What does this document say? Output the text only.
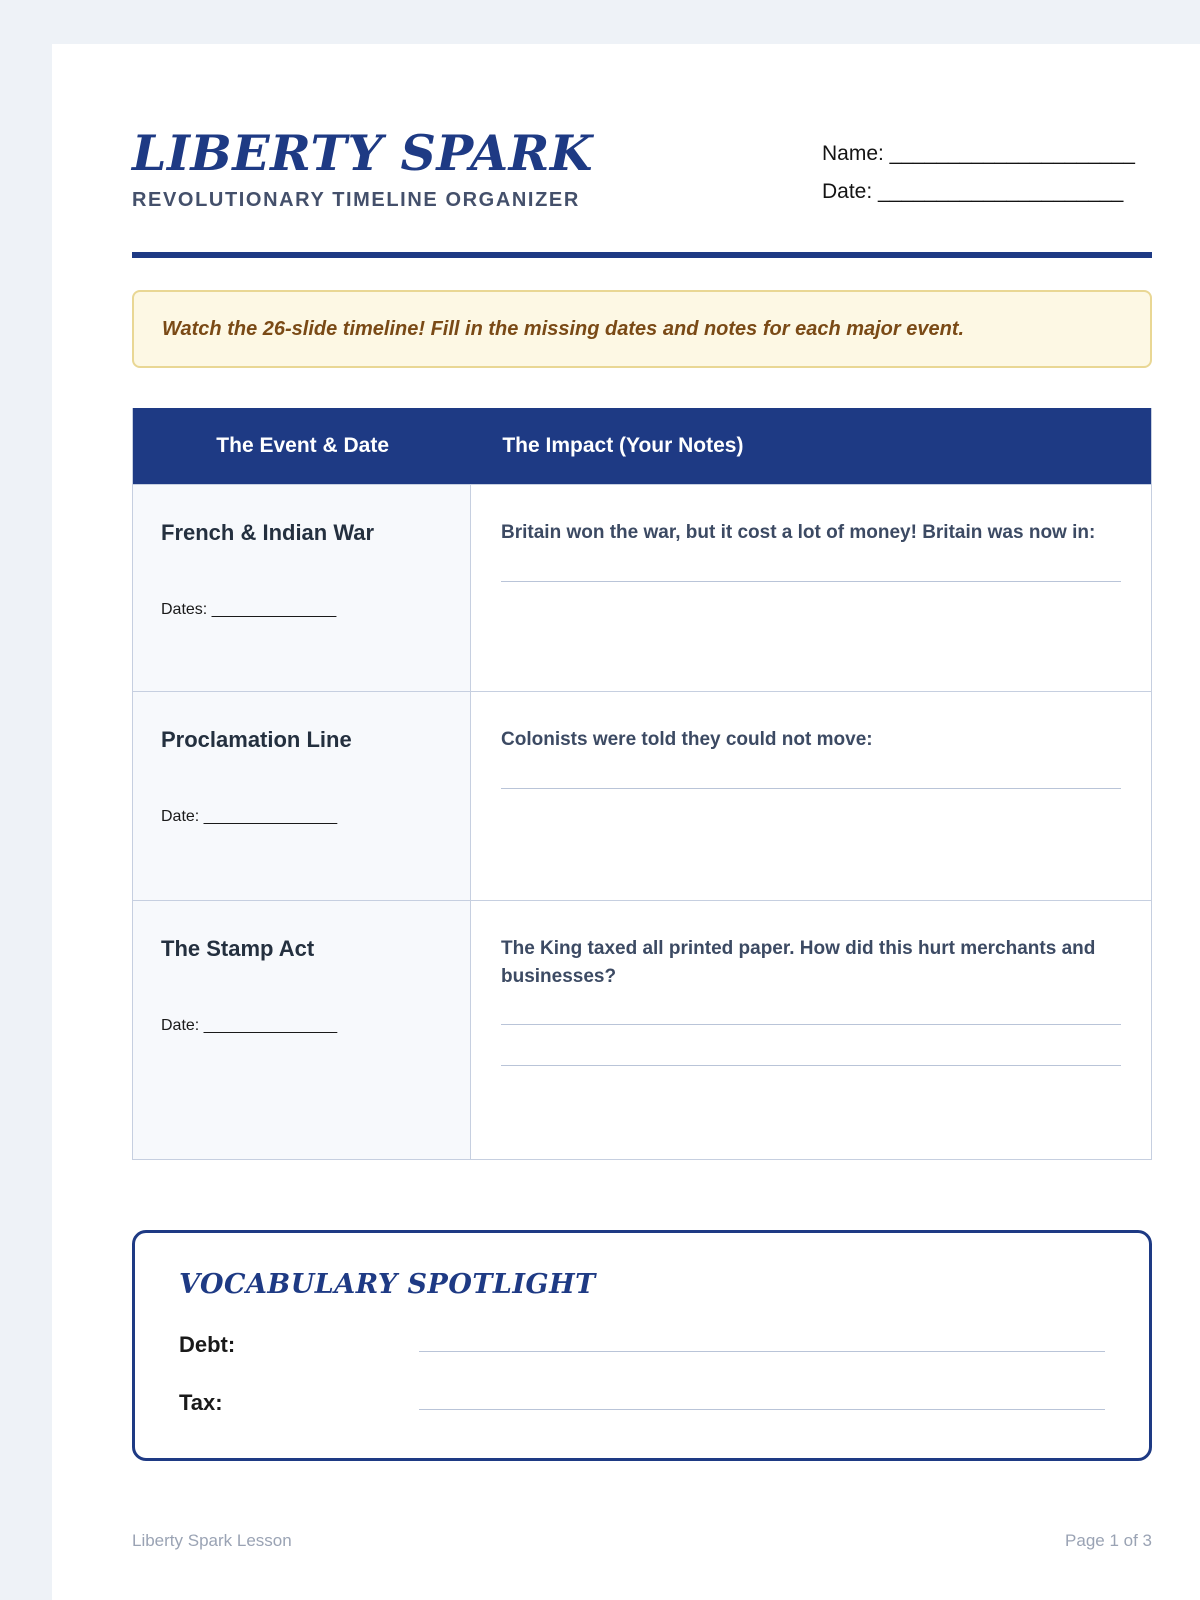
LIBERTY SPARK
REVOLUTIONARY TIMELINE ORGANIZER
Name: _____________________
Date: _____________________
Watch the 26-slide timeline! Fill in the missing dates and notes for each major event.
The Event & Date	The Impact (Your Notes)
French & Indian War
Dates: ______________
Britain won the war, but it cost a lot of money! Britain was now in:
Proclamation Line
Date: _______________
Colonists were told they could not move:
The Stamp Act
Date: _______________
The King taxed all printed paper. How did this hurt merchants and businesses?
VOCABULARY SPOTLIGHT
Debt:
Tax:
Liberty Spark Lesson	Page 1 of 3
